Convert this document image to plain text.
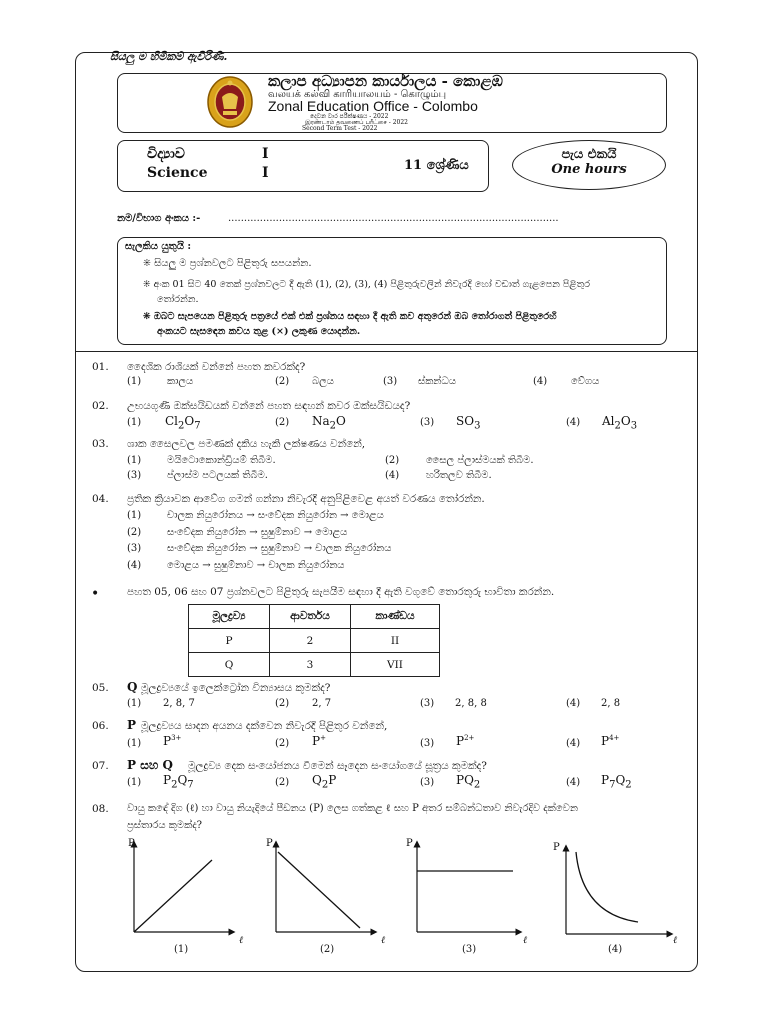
සියලු ම හිමිකම් ඇවිරිණි.
කලාප අධ්‍යාපන කාර්යාලය - කොළඹ
வலயக் கல்வி காரியாலயம் - கொழும்பு
Zonal Education Office - Colombo
දෙවන වාර පරීක්ෂණය - 2022
இரண்டாம் தவணைப் பரீட்சை - 2022
Second Term Test - 2022
විද්‍යාව
Science
I
I	11 ශ්‍රේණිය
පැය එකයි
One hours
නම/විභාග අංකය :-	........................................................................................................
සැලකිය යුතුයි :
❊ සියලු ම ප්‍රශ්නවලට පිළිතුරු සපයන්න.
❊ අංක 01 සිට 40 තෙක් ප්‍රශ්නවලට දී ඇති (1), (2), (3), (4) පිළිතුරුවලින් නිවැරදි හෝ වඩාත් ගැළපෙන පිළිතුර
තෝරන්න.
❊ ඔබට සැපයෙන පිළිතුරු පත්‍රයේ එක් එක් ප්‍රශ්නය සඳහා දී ඇති කව අතුරෙන් ඔබ තෝරාගත් පිළිතුරෙහි
අංකයට සැසඳෙන කවය තුළ (×) ලකුණ යොදන්න.
01. දෛශික රාශියක් වන්නේ පහත කවරක්ද?
(1)	කාලය	(2) බලය	(3) ස්කන්ධය	(4) වේගය
02. උභයගුණී ඔක්සයිඩයක් වන්නේ පහත සඳහන් කවර ඔක්සයිඩයද?
(1) $Cl_2O_7$	(2) $Na_2O$	(3) $SO_3$	(4) $Al_2O_3$
03. ශාක සෛලවල පමණක් දකිය හැකි ලක්ෂණය වන්නේ,
(1)	මයිටොකොන්ඩ්‍රියම් තිබීම.	(2)	සෛල ප්ලාස්මයක් තිබීම.
(3)	ප්ලාස්ම පටලයක් තිබීම.	(4)	හරිතලව තිබීම.
04. ප්‍රතික ක්‍රියාවක ආවේග ගමන් ගන්නා නිවැරදි අනුපිළිවෙළ අයත් වරණය තෝරන්න.
(1)	චාලක නියුරෝනය → සංවේදක නියුරෝන → මොළය
(2)	සංවේදක නියුරෝන → සුෂුම්නාව → මොළය
(3)	සංවේදක නියුරෝන → සුෂුම්නාව → චාලක නියුරෝනය
(4)	මොළය → සුෂුම්නාව → චාලක නියුරෝනය
•	පහත 05, 06 සහ 07 ප්‍රශ්නවලට පිළිතුරු සැපයීම සඳහා දී ඇති වගුවේ තොරතුරු භාවිතා කරන්න.
මූලද්‍රව්‍ය	ආවර්තය	කාණ්ඩය
P	2	II
Q	3	VII
05. Q මූලද්‍රව්‍යයේ ඉලෙක්ට්‍රෝන වින්‍යාසය කුමක්ද?
(1) 2, 8, 7	(2) 2, 7	(3) 2, 8, 8	(4) 2, 8
06. P මූලද්‍රව්‍යය සාදන අයනය දක්වෙන නිවැරදි පිළිතුර වන්නේ,
(1) $P^{3+}$	(2) P+	(3) $P^{2+}$	(4) $P^{4+}$
07. P සහ Q මූලද්‍රව්‍ය දෙක සංයෝජනය වීමෙන් සෑදෙන සංයෝගයේ සූත්‍රය කුමක්ද?
(1) $P_2Q_7$	(2) $Q_2P$	(3) $PQ_2$	(4) $P_7Q_2$
08. වායු කඳේ දිග (ℓ) හා වායු නියැදියේ පීඩනය (P) ලෙස ගත්කළ ℓ සහ P අතර සම්බන්ධතාව නිවැරදිව දක්වෙන
ප්‍රස්තාරය කුමක්ද?
P
ℓ
(1)
P
ℓ
(2)
P
ℓ
(3)
P
ℓ
(4)
